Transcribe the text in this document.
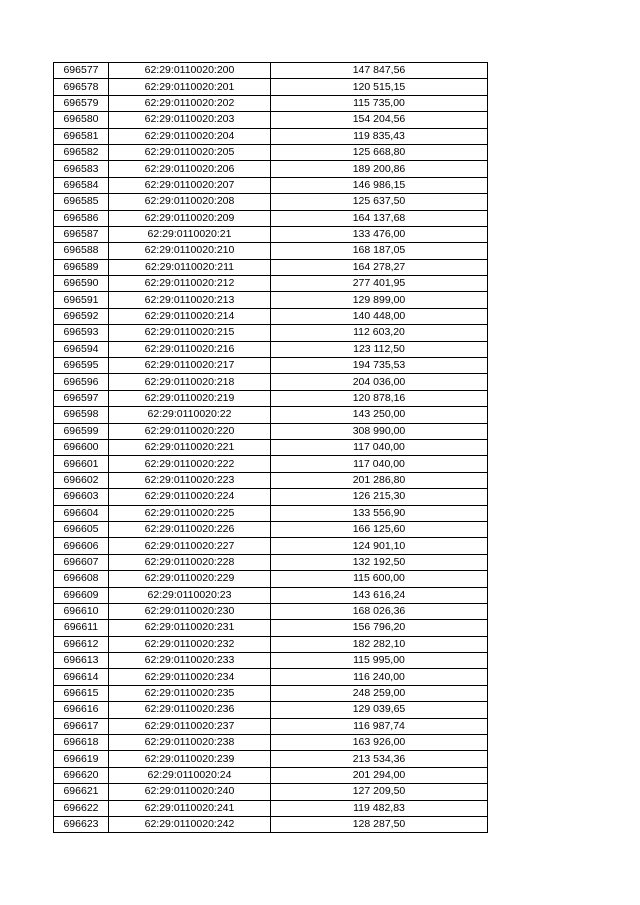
696577	62:29:0110020:200	147 847,56
696578	62:29:0110020:201	120 515,15
696579	62:29:0110020:202	115 735,00
696580	62:29:0110020:203	154 204,56
696581	62:29:0110020:204	119 835,43
696582	62:29:0110020:205	125 668,80
696583	62:29:0110020:206	189 200,86
696584	62:29:0110020:207	146 986,15
696585	62:29:0110020:208	125 637,50
696586	62:29:0110020:209	164 137,68
696587	62:29:0110020:21	133 476,00
696588	62:29:0110020:210	168 187,05
696589	62:29:0110020:211	164 278,27
696590	62:29:0110020:212	277 401,95
696591	62:29:0110020:213	129 899,00
696592	62:29:0110020:214	140 448,00
696593	62:29:0110020:215	112 603,20
696594	62:29:0110020:216	123 112,50
696595	62:29:0110020:217	194 735,53
696596	62:29:0110020:218	204 036,00
696597	62:29:0110020:219	120 878,16
696598	62:29:0110020:22	143 250,00
696599	62:29:0110020:220	308 990,00
696600	62:29:0110020:221	117 040,00
696601	62:29:0110020:222	117 040,00
696602	62:29:0110020:223	201 286,80
696603	62:29:0110020:224	126 215,30
696604	62:29:0110020:225	133 556,90
696605	62:29:0110020:226	166 125,60
696606	62:29:0110020:227	124 901,10
696607	62:29:0110020:228	132 192,50
696608	62:29:0110020:229	115 600,00
696609	62:29:0110020:23	143 616,24
696610	62:29:0110020:230	168 026,36
696611	62:29:0110020:231	156 796,20
696612	62:29:0110020:232	182 282,10
696613	62:29:0110020:233	115 995,00
696614	62:29:0110020:234	116 240,00
696615	62:29:0110020:235	248 259,00
696616	62:29:0110020:236	129 039,65
696617	62:29:0110020:237	116 987,74
696618	62:29:0110020:238	163 926,00
696619	62:29:0110020:239	213 534,36
696620	62:29:0110020:24	201 294,00
696621	62:29:0110020:240	127 209,50
696622	62:29:0110020:241	119 482,83
696623	62:29:0110020:242	128 287,50
